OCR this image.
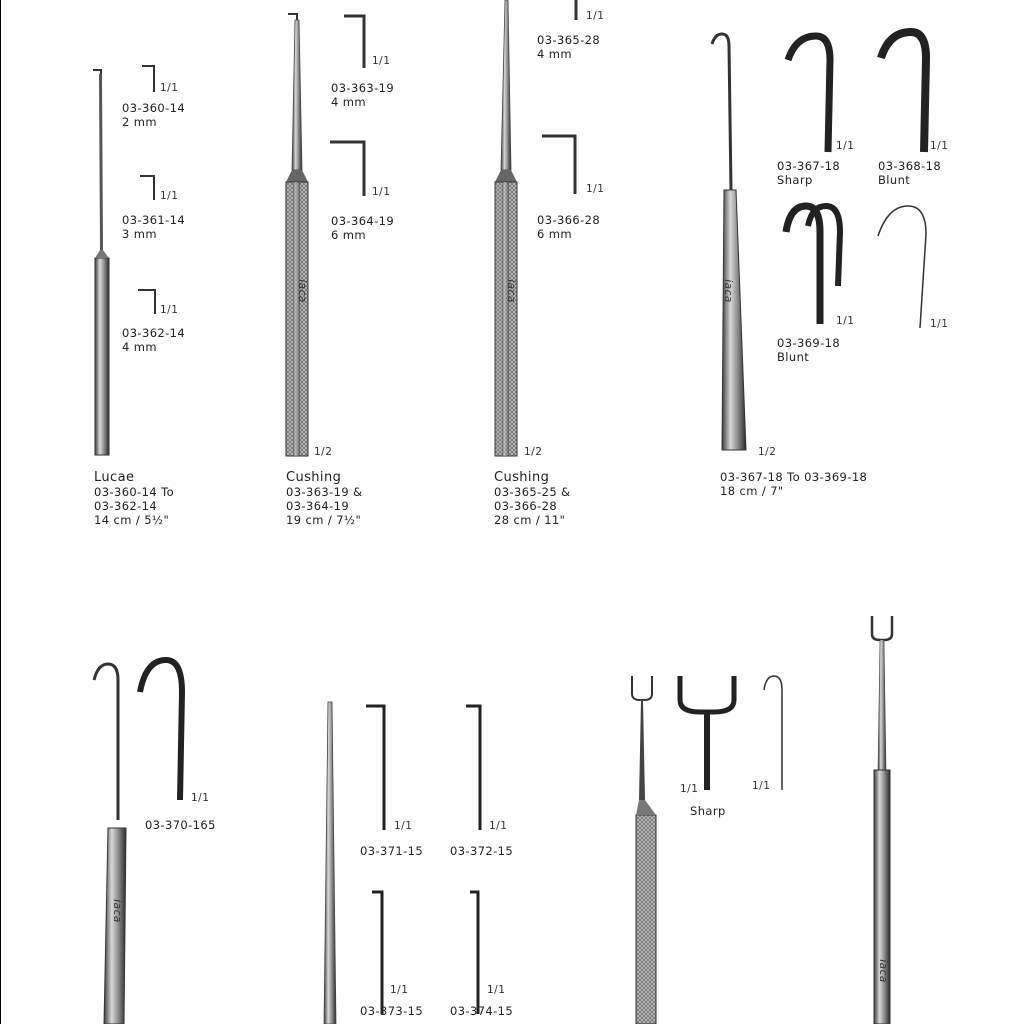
1/1
1/1
1/1
1/1
1/1
1/1
1/1
1/1	1/1
1/1	1/1
1/1
1/1	1/1
1/1	1/1
1/1	1/1
1/2	1/2	1/2
03-360-14
2 mm
03-361-14
3 mm
03-362-14
4 mm
03-363-19
4 mm
03-364-19
6 mm
03-365-28
4 mm
03-366-28
6 mm
03-367-18
Sharp
03-368-18
Blunt
03-369-18
Blunt
03-370-165
03-371-15 03-372-15
03-373-15 03-374-15
Sharp
Lucae
03-360-14 To
03-362-14
14 cm / 5½"
Cushing
03-363-19 &
03-364-19
19 cm / 7½"
Cushing
03-365-25 &
03-366-28
28 cm / 11"
03-367-18 To 03-369-18
18 cm / 7"
iaca	iaca	iaca
iaca
iaca
